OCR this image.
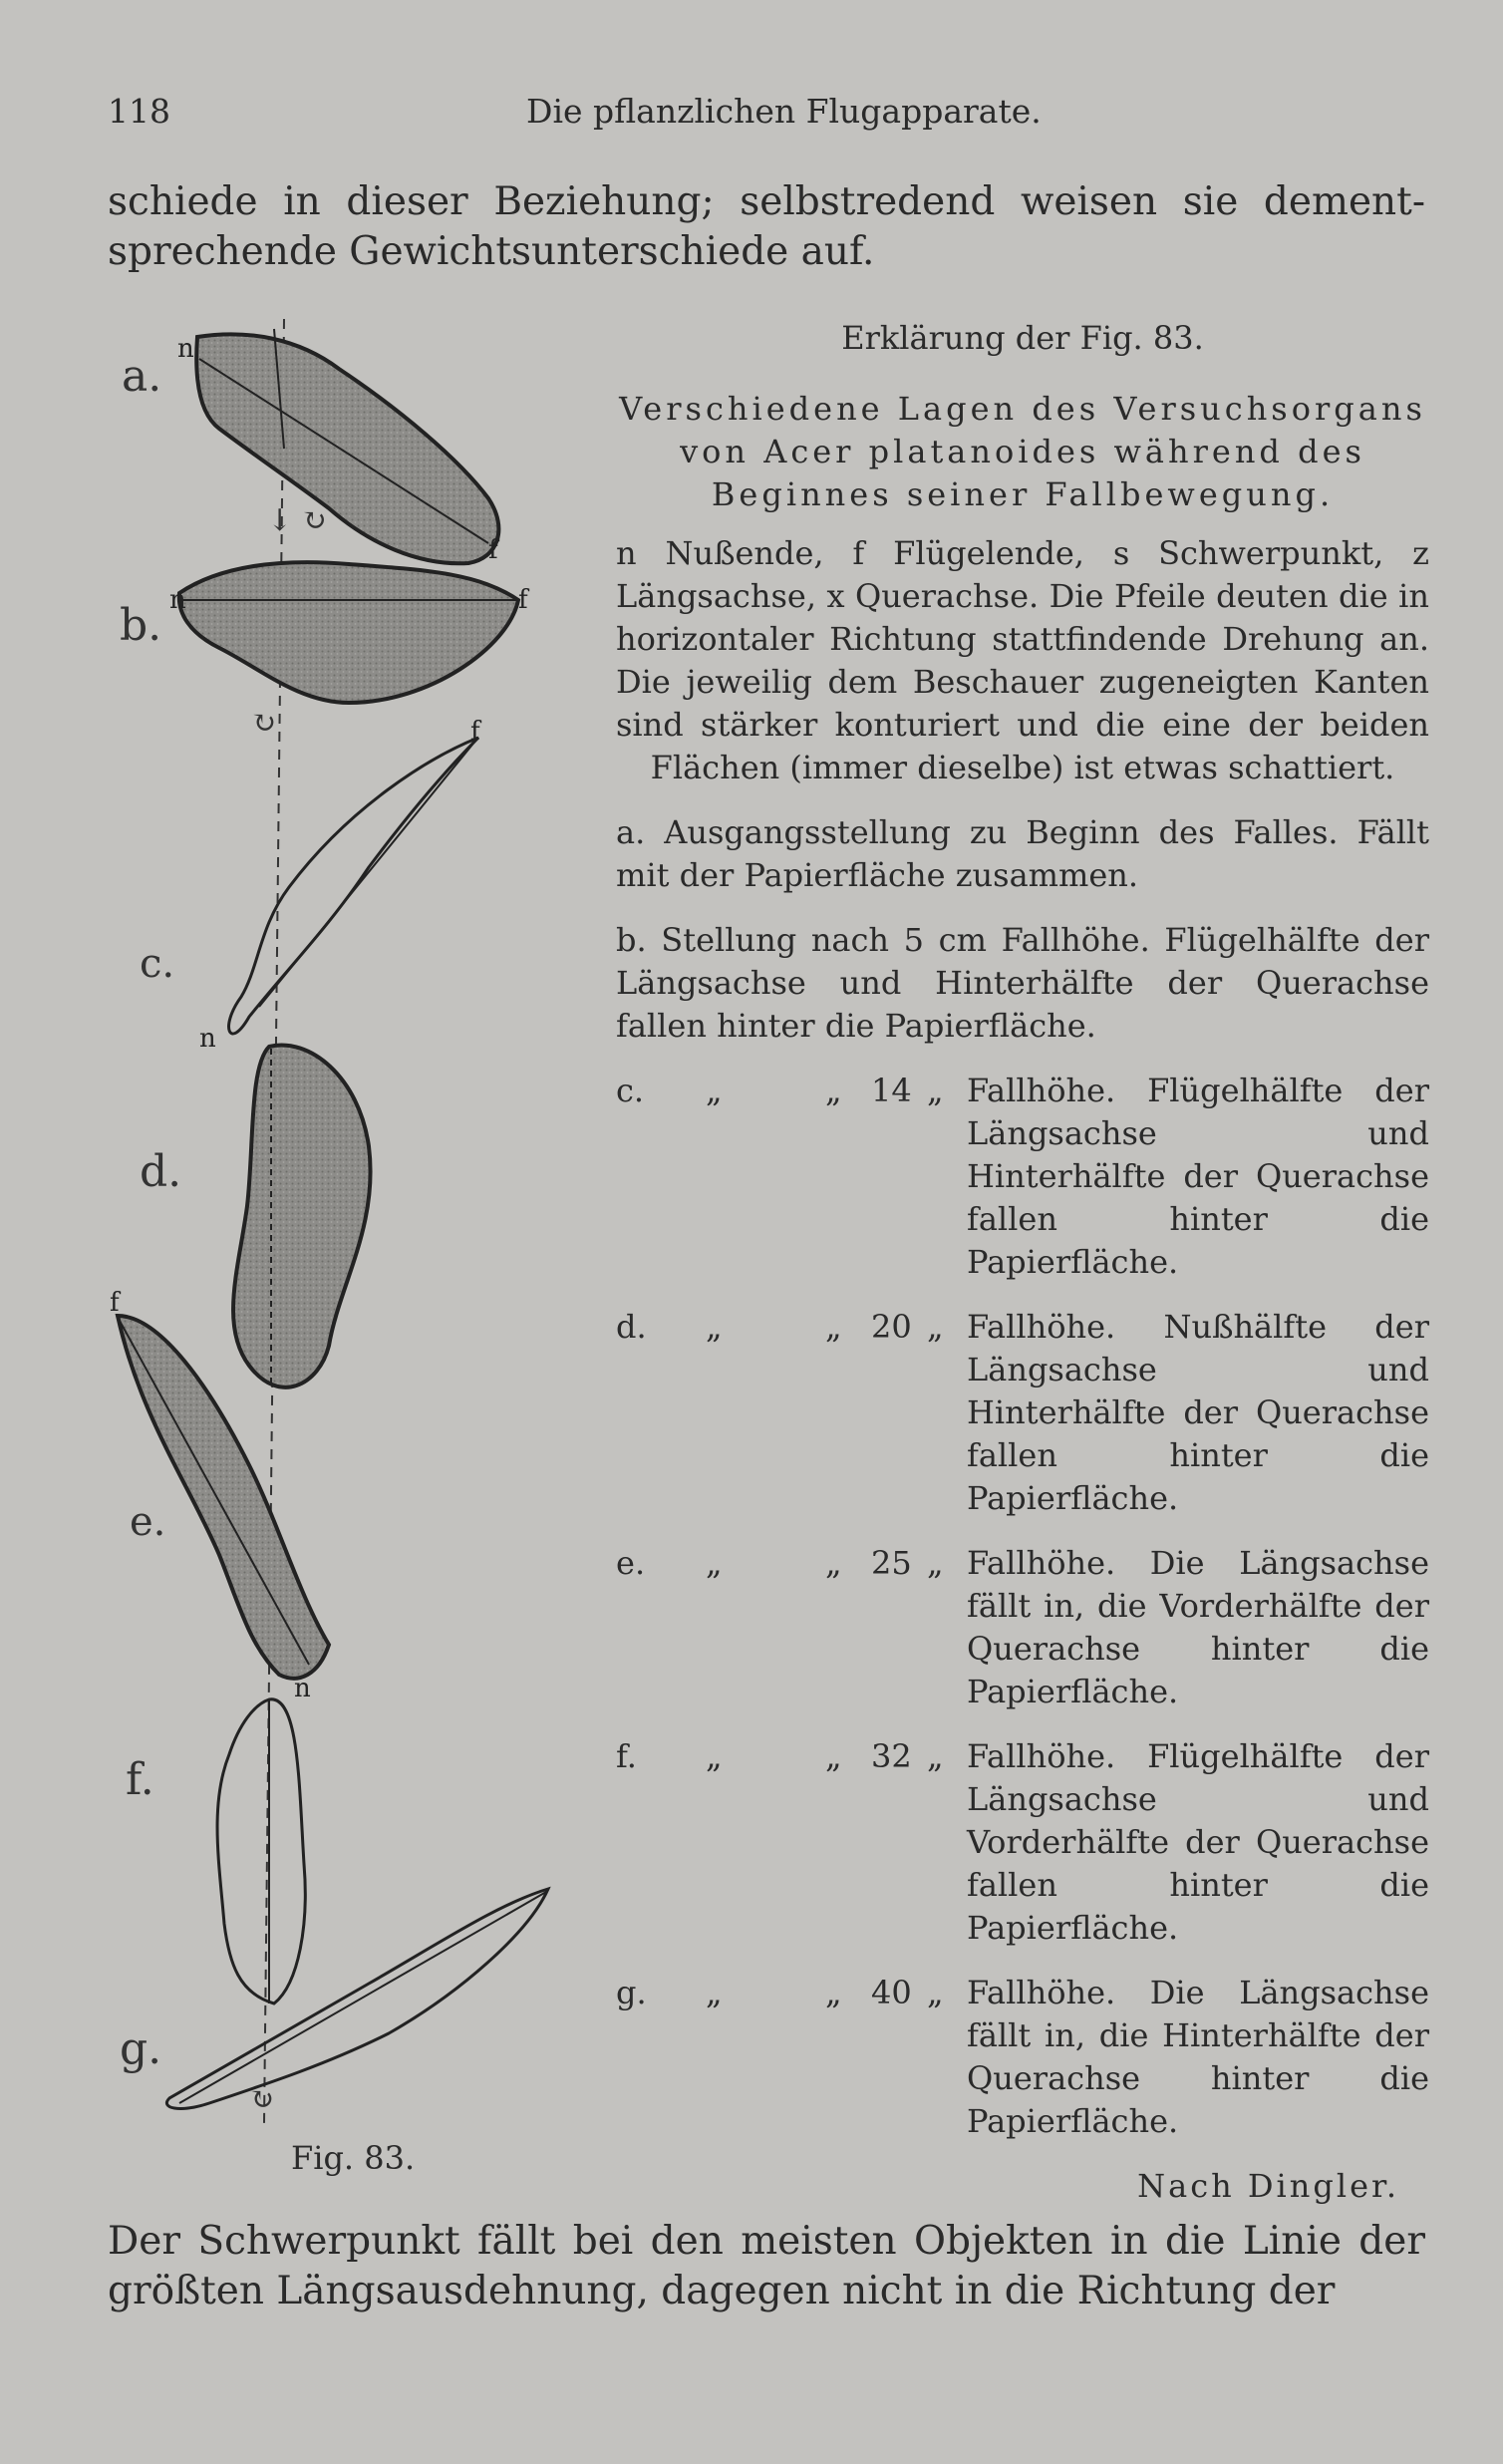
118	Die pflanzlichen Flugapparate.
schiede in dieser Beziehung; selbstredend weisen sie dement-sprechende Gewichtsunterschiede auf.
a.
n
f
↓ ↻
b. n	f
↻
c.
n
f
d.
e.
f
n
f.
g.
↻
Fig. 83.
Erklärung der Fig. 83.
Verschiedene Lagen des Versuchsorgans von Acer platanoides während des Beginnes seiner Fallbewegung.
n Nußende, f Flügelende, s Schwerpunkt, z Längsachse, x Querachse. Die Pfeile deuten die in horizontaler Richtung stattfindende Drehung an. Die jeweilig dem Beschauer zugeneigten Kanten sind stärker konturiert und die eine der beiden Flächen (immer dieselbe) ist etwas schattiert.
a. Ausgangsstellung zu Beginn des Falles. Fällt mit der Papierfläche zusammen.
b. Stellung nach 5 cm Fallhöhe. Flügelhälfte der Längsachse und Hinterhälfte der Querachse fallen hinter die Papierfläche.
c. „	„ 14 „ Fallhöhe. Flügelhälfte der Längsachse und Hinterhälfte der Querachse fallen hinter die Papierfläche.
d. „	„ 20 „ Fallhöhe. Nußhälfte der Längsachse und Hinterhälfte der Querachse fallen hinter die Papierfläche.
e. „	„ 25 „ Fallhöhe. Die Längsachse fällt in, die Vorderhälfte der Querachse hinter die Papierfläche.
f. „	„ 32 „ Fallhöhe. Flügelhälfte der Längsachse und Vorderhälfte der Querachse fallen hinter die Papierfläche.
g. „	„ 40 „ Fallhöhe. Die Längsachse fällt in, die Hinterhälfte der Querachse hinter die Papierfläche.
Nach Dingler.
Der Schwerpunkt fällt bei den meisten Objekten in die Linie der größten Längsausdehnung, dagegen nicht in die Richtung der
